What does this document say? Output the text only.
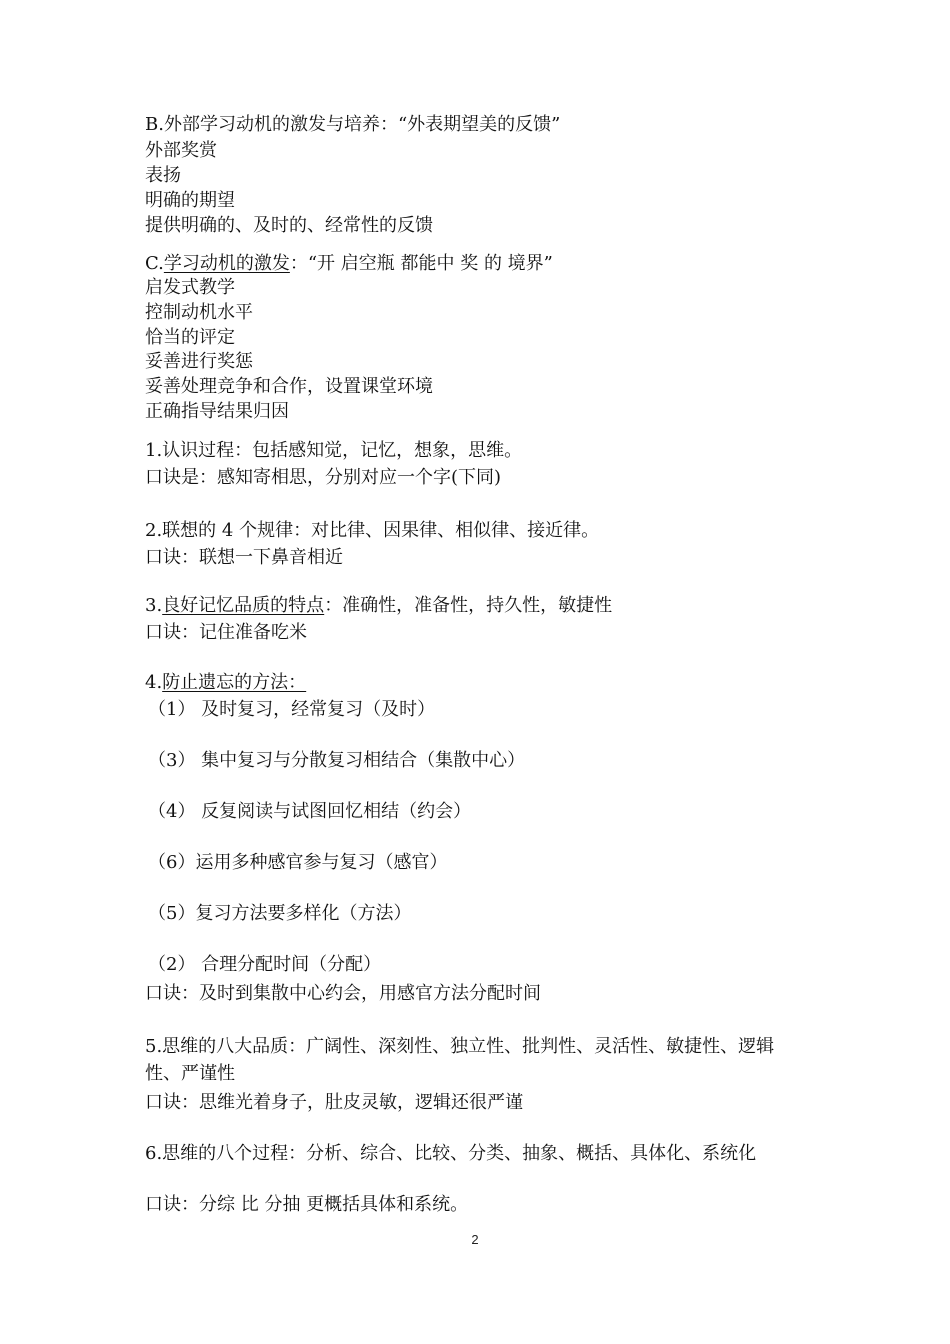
B.外部学习动机的激发与培养：“外表期望美的反馈”
外部奖赏
表扬
明确的期望
提供明确的、及时的、经常性的反馈
C.学习动机的激发：“开 启空瓶 都能中 奖 的 境界”
启发式教学
控制动机水平
恰当的评定
妥善进行奖惩
妥善处理竞争和合作，设置课堂环境
正确指导结果归因
1.认识过程：包括感知觉，记忆，想象，思维。
口诀是：感知寄相思，分别对应一个字(下同)
2.联想的 4 个规律：对比律、因果律、相似律、接近律。
口诀：联想一下鼻音相近
3.良好记忆品质的特点：准确性，准备性，持久性，敏捷性
口诀：记住准备吃米
4.防止遗忘的方法：
（1） 及时复习，经常复习（及时）
（3） 集中复习与分散复习相结合（集散中心）
（4） 反复阅读与试图回忆相结（约会）
（6）运用多种感官参与复习（感官）
（5）复习方法要多样化（方法）
（2） 合理分配时间（分配）
口诀：及时到集散中心约会，用感官方法分配时间
5.思维的八大品质：广阔性、深刻性、独立性、批判性、灵活性、敏捷性、逻辑
性、严谨性
口诀：思维光着身子，肚皮灵敏，逻辑还很严谨
6.思维的八个过程：分析、综合、比较、分类、抽象、概括、具体化、系统化
口诀：分综 比 分抽 更概括具体和系统。
2
